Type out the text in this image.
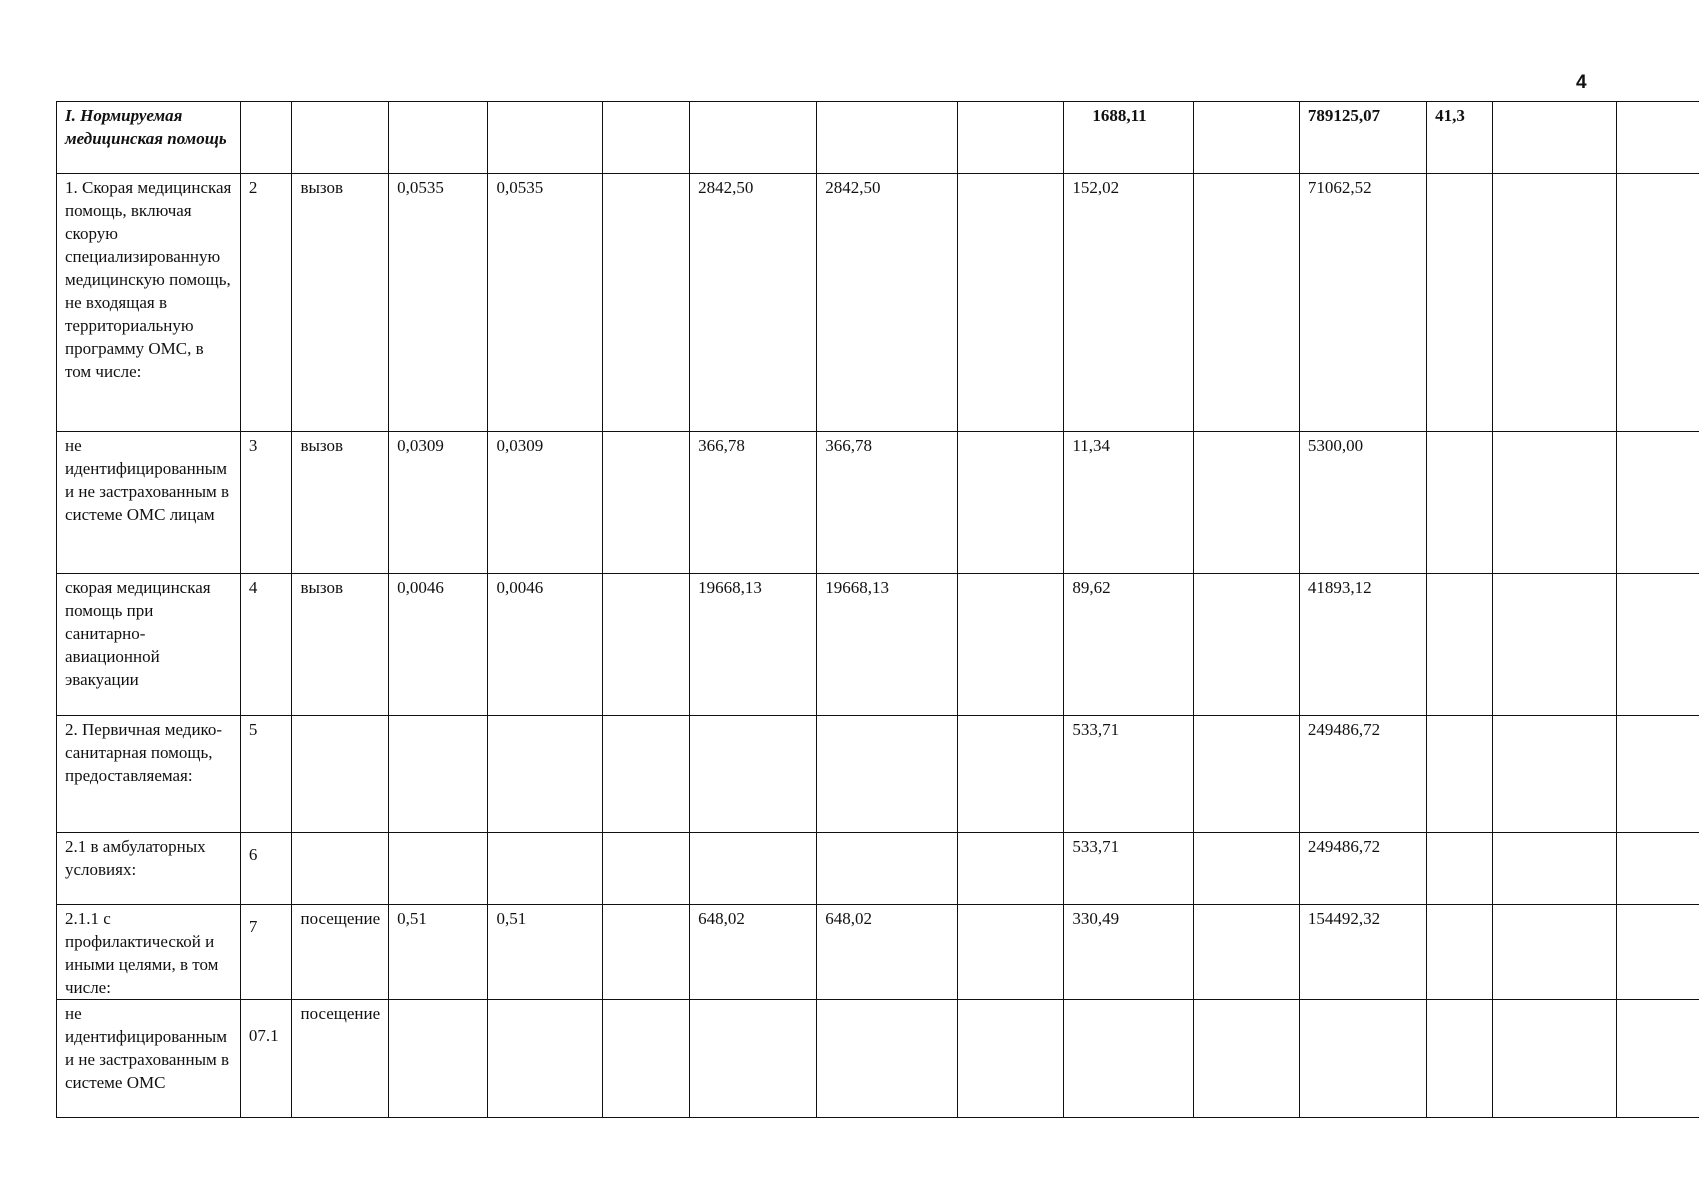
4
I. Нормируемая медицинская помощь									1688,11		789125,07	41,3		
1. Скорая медицинская помощь, включая скорую специализированную медицинскую помощь, не входящая в территориальную программу ОМС, в том числе:	2	вызов	0,0535	0,0535		2842,50	2842,50		152,02		71062,52			
не идентифицированным и не застрахованным в системе ОМС лицам	3	вызов	0,0309	0,0309		366,78	366,78		11,34		5300,00			
скорая медицинская помощь при санитарно-авиационной эвакуации	4	вызов	0,0046	0,0046		19668,13	19668,13		89,62		41893,12			
2. Первичная медико-санитарная помощь, предоставляемая:	5								533,71		249486,72			
2.1 в амбулаторных условиях:	6								533,71		249486,72			
2.1.1 с профилактической и иными целями, в том числе:	7	посещение	0,51	0,51		648,02	648,02		330,49		154492,32			
не идентифицированным и не застрахованным в системе ОМС	07.1	посещение												
